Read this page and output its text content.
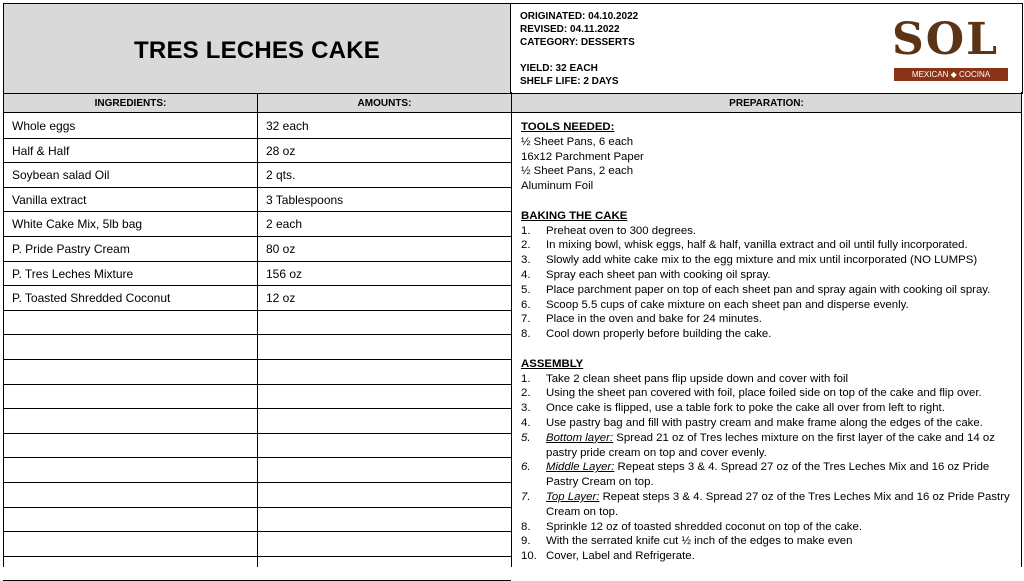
TRES LECHES CAKE
ORIGINATED: 04.10.2022
REVISED: 04.11.2022
CATEGORY: DESSERTS
YIELD: 32 EACH
SHELF LIFE: 2 DAYS
SOL
MEXICAN ◆ COCINA
INGREDIENTS:	AMOUNTS:	PREPARATION:
Whole eggs	32 each
Half & Half	28 oz
Soybean salad Oil	2 qts.
Vanilla extract	3 Tablespoons
White Cake Mix, 5lb bag	2 each
P. Pride Pastry Cream	80 oz
P. Tres Leches Mixture	156 oz
P. Toasted Shredded Coconut	12 oz
TOOLS NEEDED:
½ Sheet Pans, 6 each
16x12 Parchment Paper
½ Sheet Pans, 2 each
Aluminum Foil
BAKING THE CAKE
1. Preheat oven to 300 degrees.
2. In mixing bowl, whisk eggs, half & half, vanilla extract and oil until fully incorporated.
3. Slowly add white cake mix to the egg mixture and mix until incorporated (NO LUMPS)
4. Spray each sheet pan with cooking oil spray.
5. Place parchment paper on top of each sheet pan and spray again with cooking oil spray.
6. Scoop 5.5 cups of cake mixture on each sheet pan and disperse evenly.
7. Place in the oven and bake for 24 minutes.
8. Cool down properly before building the cake.
ASSEMBLY
1. Take 2 clean sheet pans flip upside down and cover with foil
2. Using the sheet pan covered with foil, place foiled side on top of the cake and flip over.
3. Once cake is flipped, use a table fork to poke the cake all over from left to right.
4. Use pastry bag and fill with pastry cream and make frame along the edges of the cake.
5. Bottom layer: Spread 21 oz of Tres leches mixture on the first layer of the cake and 14 oz pastry pride cream on top and cover evenly.
6. Middle Layer: Repeat steps 3 & 4. Spread 27 oz of the Tres Leches Mix and 16 oz Pride Pastry Cream on top.
7. Top Layer: Repeat steps 3 & 4. Spread 27 oz of the Tres Leches Mix and 16 oz Pride Pastry Cream on top.
8. Sprinkle 12 oz of toasted shredded coconut on top of the cake.
9. With the serrated knife cut ½ inch of the edges to make even
10. Cover, Label and Refrigerate.
